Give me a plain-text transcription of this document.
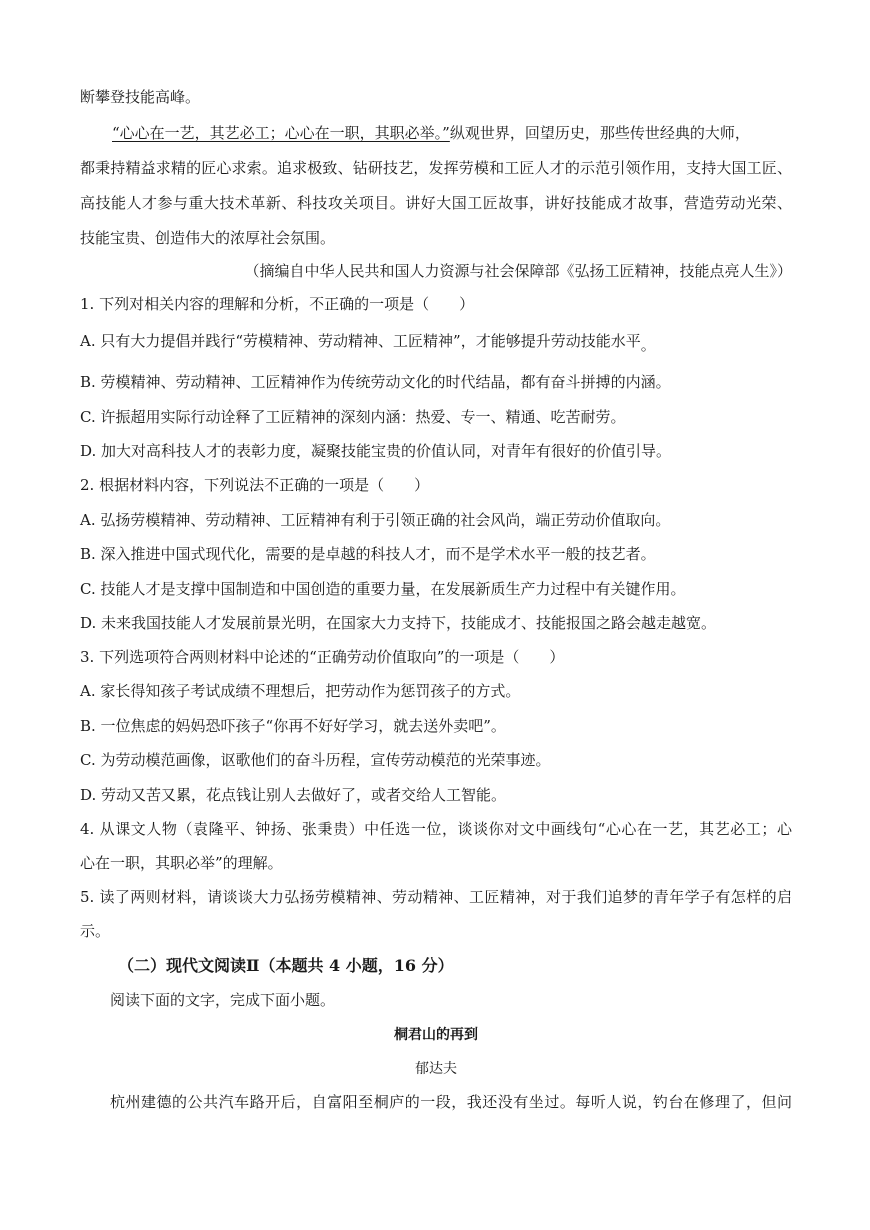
断攀登技能高峰。
“心心在一艺，其艺必工；心心在一职，其职必举。”纵观世界，回望历史，那些传世经典的大师，
都秉持精益求精的匠心求索。追求极致、钻研技艺，发挥劳模和工匠人才的示范引领作用，支持大国工匠、
高技能人才参与重大技术革新、科技攻关项目。讲好大国工匠故事，讲好技能成才故事，营造劳动光荣、
技能宝贵、创造伟大的浓厚社会氛围。
（摘编自中华人民共和国人力资源与社会保障部《弘扬工匠精神，技能点亮人生》）
1. 下列对相关内容的理解和分析，不正确的一项是（　　）
A. 只有大力提倡并践行“劳模精神、劳动精神、工匠精神”，才能够提升劳动技能水平。
B. 劳模精神、劳动精神、工匠精神作为传统劳动文化的时代结晶，都有奋斗拼搏的内涵。
C. 许振超用实际行动诠释了工匠精神的深刻内涵：热爱、专一、精通、吃苦耐劳。
D. 加大对高科技人才的表彰力度，凝聚技能宝贵的价值认同，对青年有很好的价值引导。
2. 根据材料内容，下列说法不正确的一项是（　　）
A. 弘扬劳模精神、劳动精神、工匠精神有利于引领正确的社会风尚，端正劳动价值取向。
B. 深入推进中国式现代化，需要的是卓越的科技人才，而不是学术水平一般的技艺者。
C. 技能人才是支撑中国制造和中国创造的重要力量，在发展新质生产力过程中有关键作用。
D. 未来我国技能人才发展前景光明，在国家大力支持下，技能成才、技能报国之路会越走越宽。
3. 下列选项符合两则材料中论述的“正确劳动价值取向”的一项是（　　）
A. 家长得知孩子考试成绩不理想后，把劳动作为惩罚孩子的方式。
B. 一位焦虑的妈妈恐吓孩子“你再不好好学习，就去送外卖吧”。
C. 为劳动模范画像，讴歌他们的奋斗历程，宣传劳动模范的光荣事迹。
D. 劳动又苦又累，花点钱让别人去做好了，或者交给人工智能。
4. 从课文人物（袁隆平、钟扬、张秉贵）中任选一位，谈谈你对文中画线句“心心在一艺，其艺必工；心
心在一职，其职必举”的理解。
5. 读了两则材料，请谈谈大力弘扬劳模精神、劳动精神、工匠精神，对于我们追梦的青年学子有怎样的启
示。
（二）现代文阅读Ⅱ（本题共 4 小题，16 分）
阅读下面的文字，完成下面小题。
桐君山的再到
郁达夫
杭州建德的公共汽车路开后，自富阳至桐庐的一段，我还没有坐过。每听人说，钓台在修理了，但问
